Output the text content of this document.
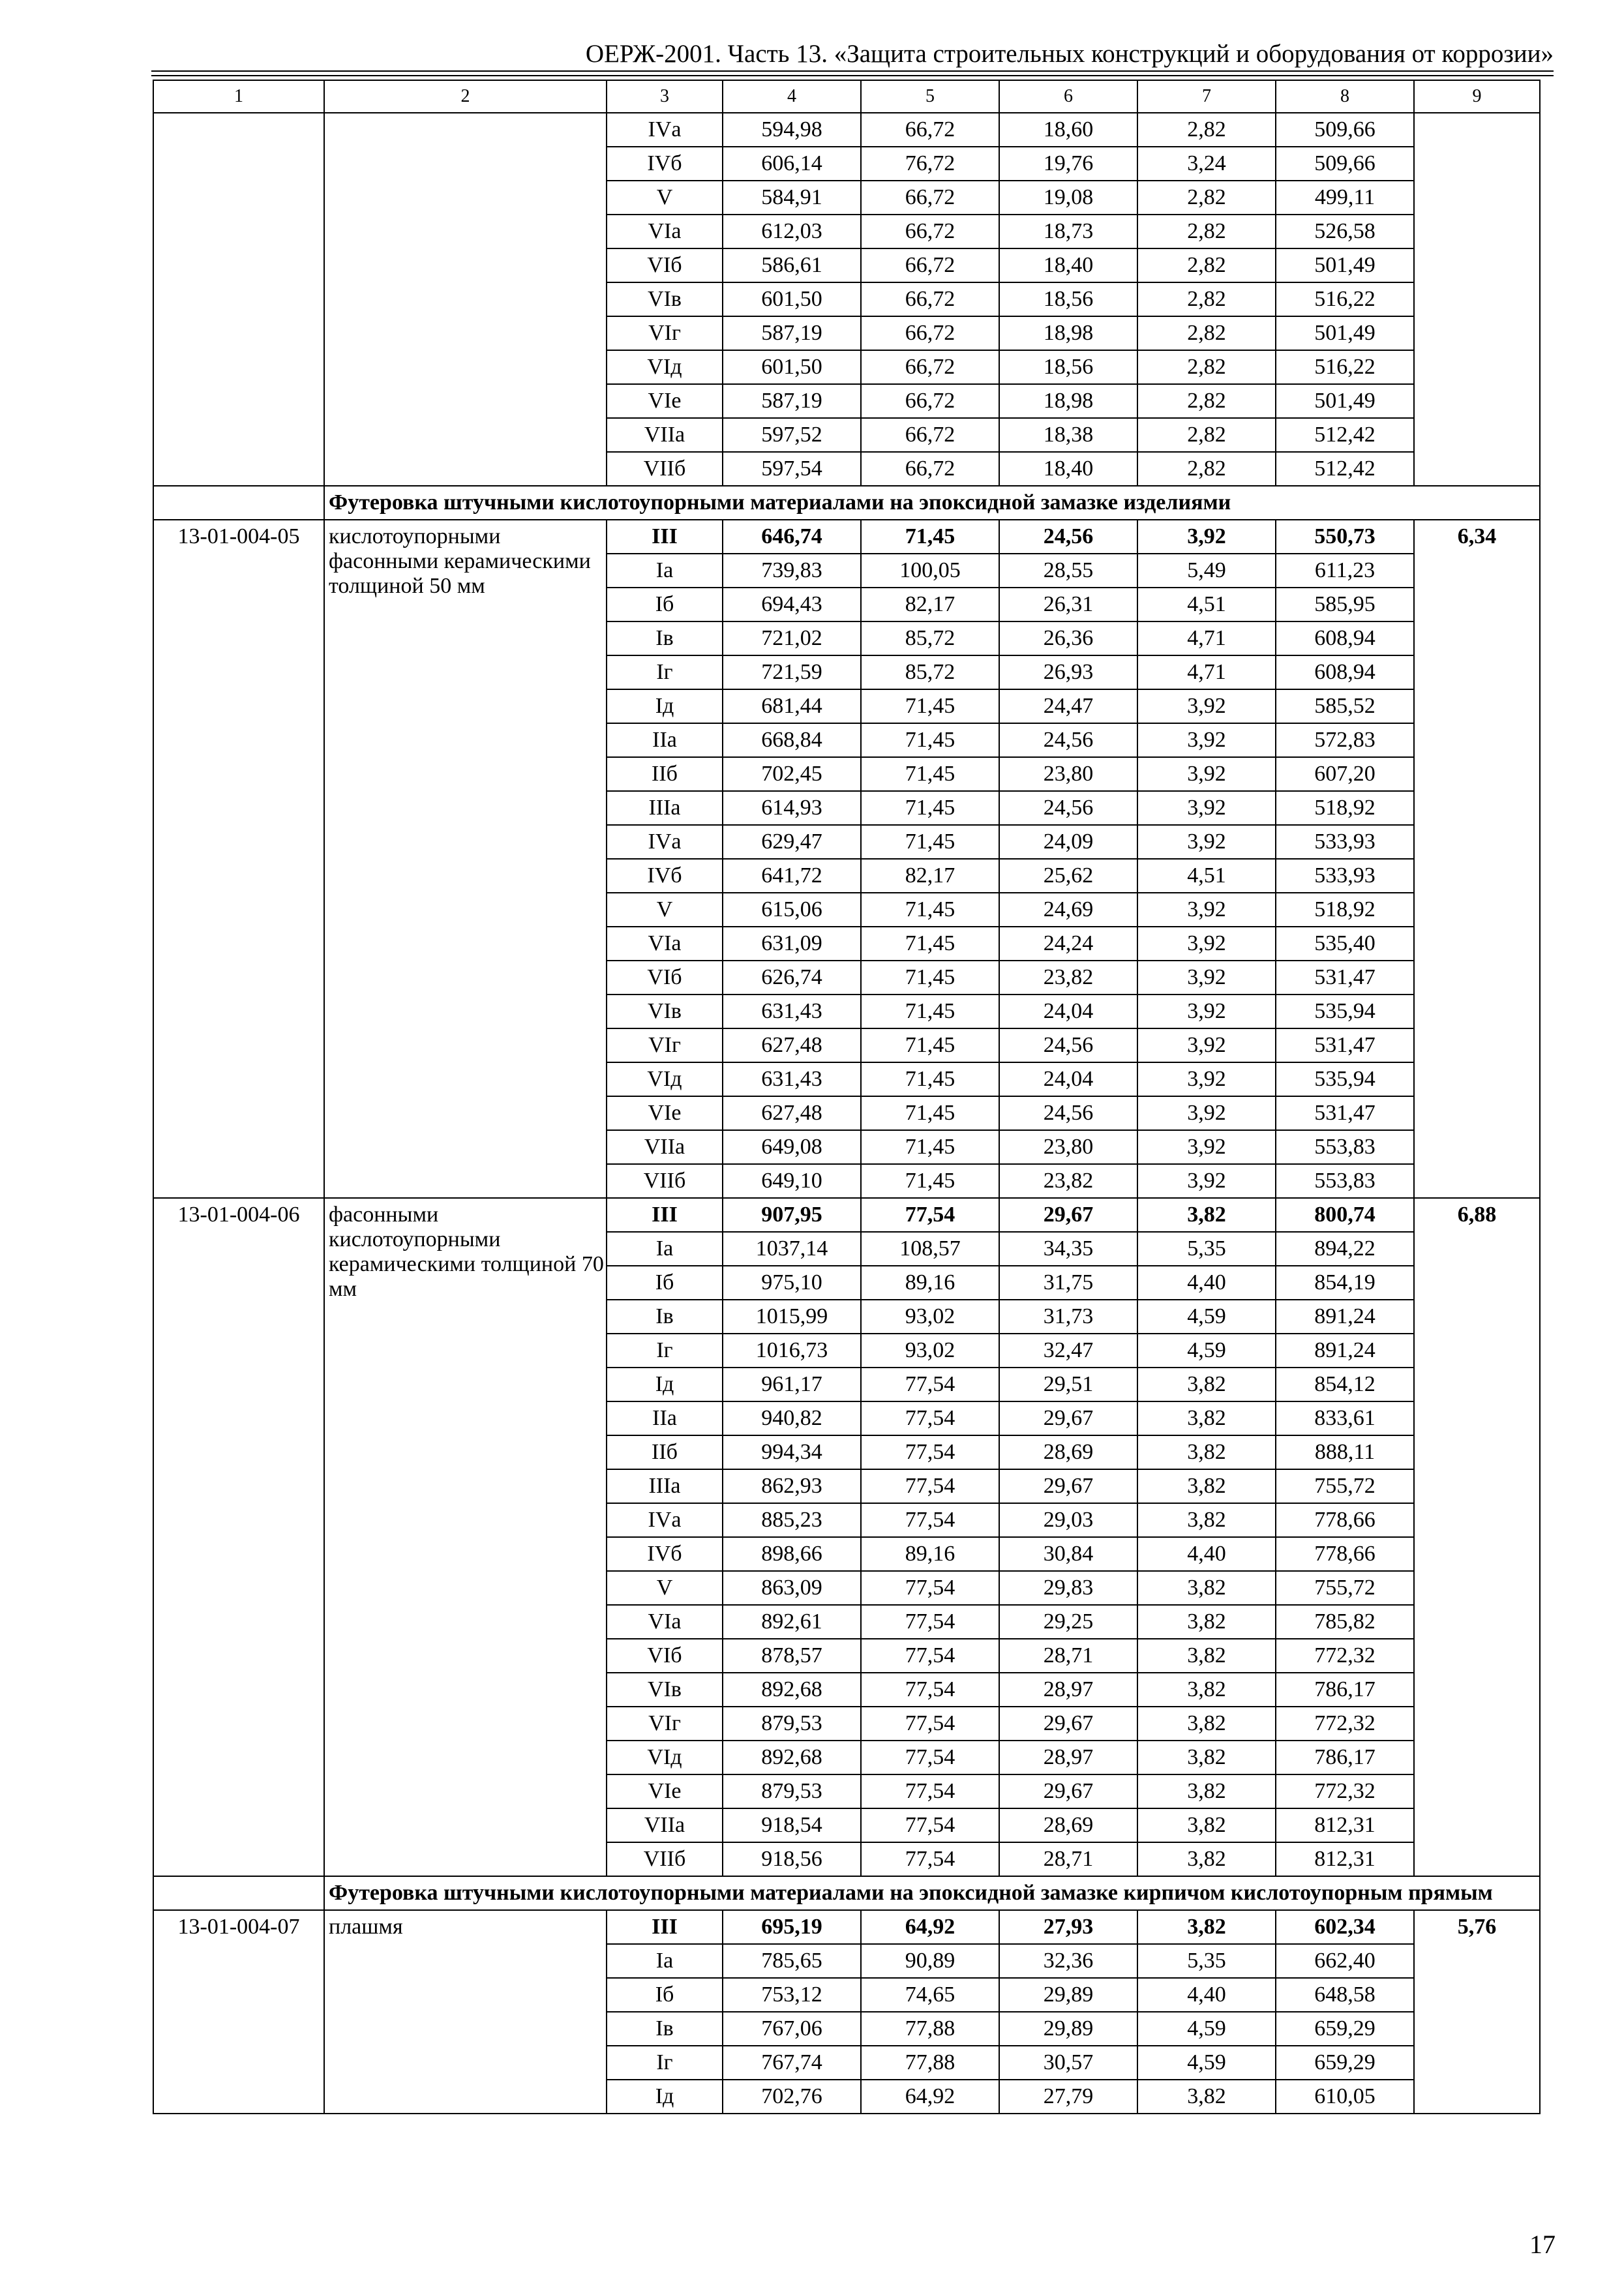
ОЕРЖ-2001. Часть 13. «Защита строительных конструкций и оборудования от коррозии»
1	2	3	4	5	6	7	8	9
		IVа	594,98	66,72	18,60	2,82	509,66	
		IVб	606,14	76,72	19,76	3,24	509,66	
		V	584,91	66,72	19,08	2,82	499,11	
		VIа	612,03	66,72	18,73	2,82	526,58	
		VIб	586,61	66,72	18,40	2,82	501,49	
		VIв	601,50	66,72	18,56	2,82	516,22	
		VIг	587,19	66,72	18,98	2,82	501,49	
		VIд	601,50	66,72	18,56	2,82	516,22	
		VIе	587,19	66,72	18,98	2,82	501,49	
		VIIа	597,52	66,72	18,38	2,82	512,42	
		VIIб	597,54	66,72	18,40	2,82	512,42	
	Футеровка штучными кислотоупорными материалами на эпоксидной замазке изделиями							
13-01-004-05	кислотоупорными фасонными керамическими толщиной 50 мм	III	646,74	71,45	24,56	3,92	550,73	6,34
		Iа	739,83	100,05	28,55	5,49	611,23	
		Iб	694,43	82,17	26,31	4,51	585,95	
		Iв	721,02	85,72	26,36	4,71	608,94	
		Iг	721,59	85,72	26,93	4,71	608,94	
		Iд	681,44	71,45	24,47	3,92	585,52	
		IIа	668,84	71,45	24,56	3,92	572,83	
		IIб	702,45	71,45	23,80	3,92	607,20	
		IIIа	614,93	71,45	24,56	3,92	518,92	
		IVа	629,47	71,45	24,09	3,92	533,93	
		IVб	641,72	82,17	25,62	4,51	533,93	
		V	615,06	71,45	24,69	3,92	518,92	
		VIа	631,09	71,45	24,24	3,92	535,40	
		VIб	626,74	71,45	23,82	3,92	531,47	
		VIв	631,43	71,45	24,04	3,92	535,94	
		VIг	627,48	71,45	24,56	3,92	531,47	
		VIд	631,43	71,45	24,04	3,92	535,94	
		VIе	627,48	71,45	24,56	3,92	531,47	
		VIIа	649,08	71,45	23,80	3,92	553,83	
		VIIб	649,10	71,45	23,82	3,92	553,83	
13-01-004-06	фасонными кислотоупорными керамическими толщиной 70 мм	III	907,95	77,54	29,67	3,82	800,74	6,88
		Iа	1037,14	108,57	34,35	5,35	894,22	
		Iб	975,10	89,16	31,75	4,40	854,19	
		Iв	1015,99	93,02	31,73	4,59	891,24	
		Iг	1016,73	93,02	32,47	4,59	891,24	
		Iд	961,17	77,54	29,51	3,82	854,12	
		IIа	940,82	77,54	29,67	3,82	833,61	
		IIб	994,34	77,54	28,69	3,82	888,11	
		IIIа	862,93	77,54	29,67	3,82	755,72	
		IVа	885,23	77,54	29,03	3,82	778,66	
		IVб	898,66	89,16	30,84	4,40	778,66	
		V	863,09	77,54	29,83	3,82	755,72	
		VIа	892,61	77,54	29,25	3,82	785,82	
		VIб	878,57	77,54	28,71	3,82	772,32	
		VIв	892,68	77,54	28,97	3,82	786,17	
		VIг	879,53	77,54	29,67	3,82	772,32	
		VIд	892,68	77,54	28,97	3,82	786,17	
		VIе	879,53	77,54	29,67	3,82	772,32	
		VIIа	918,54	77,54	28,69	3,82	812,31	
		VIIб	918,56	77,54	28,71	3,82	812,31	
	Футеровка штучными кислотоупорными материалами на эпоксидной замазке кирпичом кислотоупорным прямым							
13-01-004-07	плашмя	III	695,19	64,92	27,93	3,82	602,34	5,76
		Iа	785,65	90,89	32,36	5,35	662,40	
		Iб	753,12	74,65	29,89	4,40	648,58	
		Iв	767,06	77,88	29,89	4,59	659,29	
		Iг	767,74	77,88	30,57	4,59	659,29	
		Iд	702,76	64,92	27,79	3,82	610,05	
17
